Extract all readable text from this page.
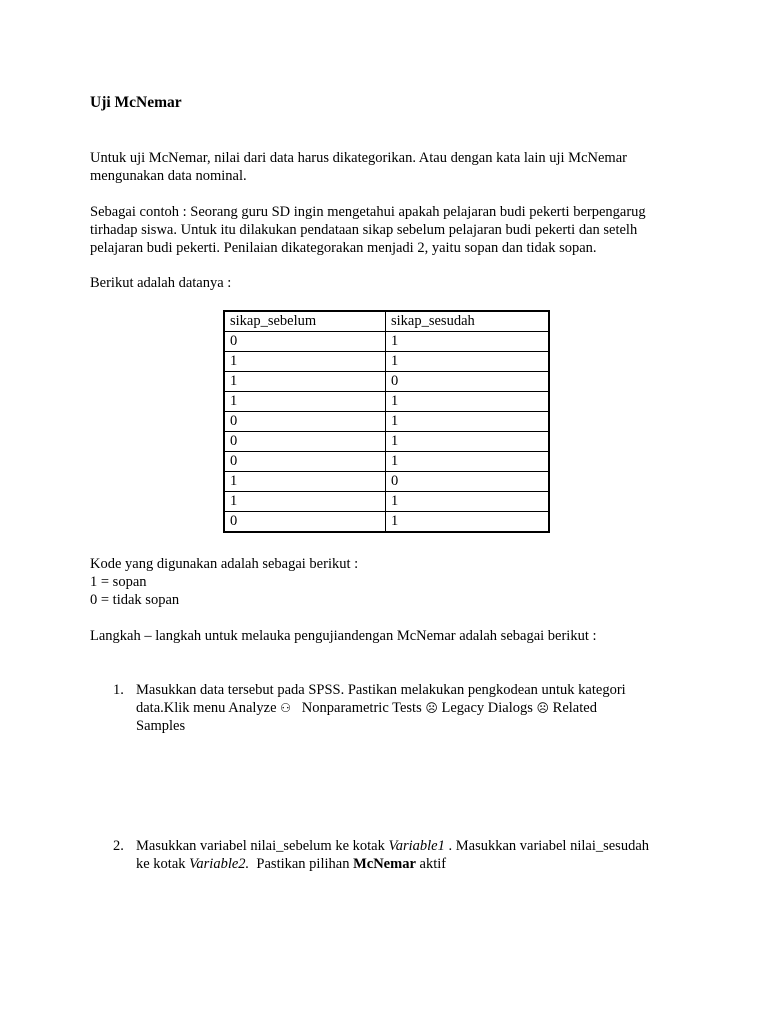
Uji McNemar
Untuk uji McNemar, nilai dari data harus dikategorikan. Atau dengan kata lain uji McNemar
mengunakan data nominal.
Sebagai contoh : Seorang guru SD ingin mengetahui apakah pelajaran budi pekerti berpengarug
tirhadap siswa. Untuk itu dilakukan pendataan sikap sebelum pelajaran budi pekerti dan setelh
pelajaran budi pekerti. Penilaian dikategorakan menjadi 2, yaitu sopan dan tidak sopan.
Berikut adalah datanya :
sikap_sebelum	sikap_sesudah
0	1
1	1
1	0
1	1
0	1
0	1
0	1
1	0
1	1
0	1
Kode yang digunakan adalah sebagai berikut :
1 = sopan
0 = tidak sopan
Langkah – langkah untuk melauka pengujiandengan McNemar adalah sebagai berikut :
1. Masukkan data tersebut pada SPSS. Pastikan melakukan pengkodean untuk kategori
data.Klik menu Analyze ⚇   Nonparametric Tests ☹ Legacy Dialogs ☹ Related
Samples
2. Masukkan variabel nilai_sebelum ke kotak Variable1 . Masukkan variabel nilai_sesudah
ke kotak Variable2.  Pastikan pilihan McNemar aktif
